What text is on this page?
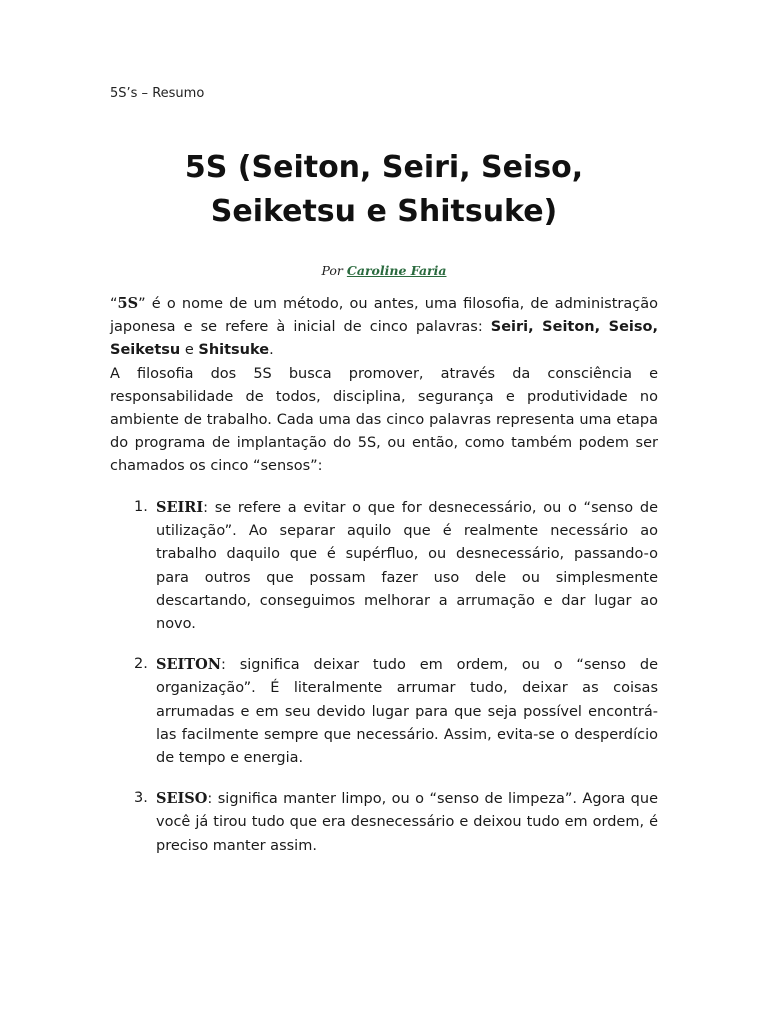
5S’s – Resumo
5S (Seiton, Seiri, Seiso,
Seiketsu e Shitsuke)
Por Caroline Faria

“5S” é o nome de um método, ou antes, uma filosofia, de administração japonesa e se refere à inicial de cinco palavras: Seiri, Seiton, Seiso, Seiketsu e Shitsuke.

A filosofia dos 5S busca promover, através da consciência e responsabilidade de todos, disciplina, segurança e produtividade no ambiente de trabalho. Cada uma das cinco palavras representa uma etapa do programa de implantação do 5S, ou então, como também podem ser chamados os cinco “sensos”:

1. SEIRI: se refere a evitar o que for desnecessário, ou o “senso de utilização”. Ao separar aquilo que é realmente necessário ao trabalho daquilo que é supérfluo, ou desnecessário, passando-o para outros que possam fazer uso dele ou simplesmente descartando, conseguimos melhorar a arrumação e dar lugar ao novo.
2. SEITON: significa deixar tudo em ordem, ou o “senso de organização”. É literalmente arrumar tudo, deixar as coisas arrumadas e em seu devido lugar para que seja possível encontrá-las facilmente sempre que necessário. Assim, evita-se o desperdício de tempo e energia.
3. SEISO: significa manter limpo, ou o “senso de limpeza”. Agora que você já tirou tudo que era desnecessário e deixou tudo em ordem, é preciso manter assim.
